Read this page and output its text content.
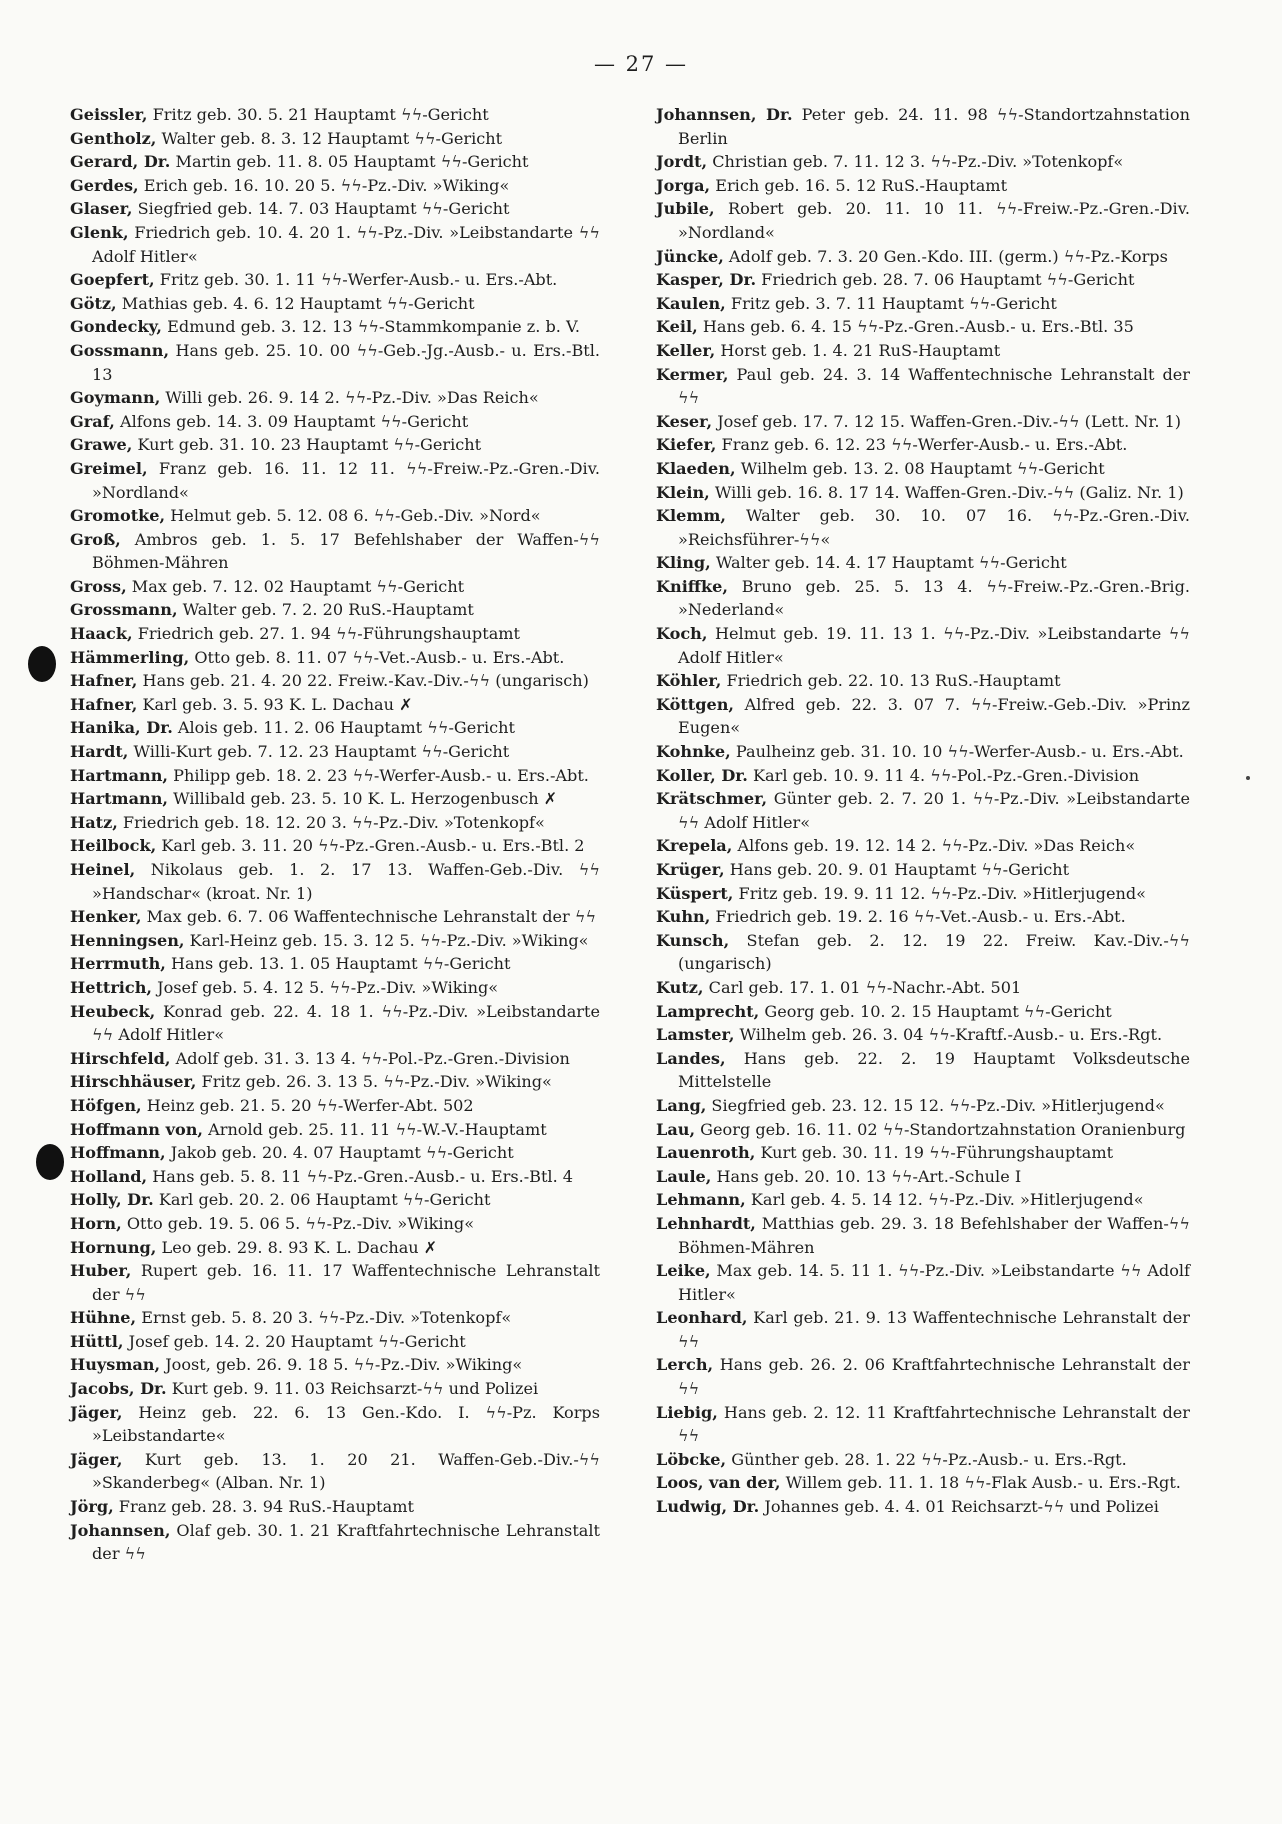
— 27 —
Geissler, Fritz geb. 30. 5. 21 Hauptamt ϟϟ-Gericht
Gentholz, Walter geb. 8. 3. 12 Hauptamt ϟϟ-Gericht
Gerard, Dr. Martin geb. 11. 8. 05 Hauptamt ϟϟ-Gericht
Gerdes, Erich geb. 16. 10. 20 5. ϟϟ-Pz.-Div. »Wiking«
Glaser, Siegfried geb. 14. 7. 03 Hauptamt ϟϟ-Gericht
Glenk, Friedrich geb. 10. 4. 20 1. ϟϟ-Pz.-Div. »Leibstandarte ϟϟ Adolf Hitler«
Goepfert, Fritz geb. 30. 1. 11 ϟϟ-Werfer-Ausb.- u. Ers.-Abt.
Götz, Mathias geb. 4. 6. 12 Hauptamt ϟϟ-Gericht
Gondecky, Edmund geb. 3. 12. 13 ϟϟ-Stammkompanie z. b. V.
Gossmann, Hans geb. 25. 10. 00 ϟϟ-Geb.-Jg.-Ausb.- u. Ers.-Btl. 13
Goymann, Willi geb. 26. 9. 14 2. ϟϟ-Pz.-Div. »Das Reich«
Graf, Alfons geb. 14. 3. 09 Hauptamt ϟϟ-Gericht
Grawe, Kurt geb. 31. 10. 23 Hauptamt ϟϟ-Gericht
Greimel, Franz geb. 16. 11. 12 11. ϟϟ-Freiw.-Pz.-Gren.-Div. »Nordland«
Gromotke, Helmut geb. 5. 12. 08 6. ϟϟ-Geb.-Div. »Nord«
Groß, Ambros geb. 1. 5. 17 Befehlshaber der Waffen-ϟϟ Böhmen-Mähren
Gross, Max geb. 7. 12. 02 Hauptamt ϟϟ-Gericht
Grossmann, Walter geb. 7. 2. 20 RuS.-Hauptamt
Haack, Friedrich geb. 27. 1. 94 ϟϟ-Führungshauptamt
Hämmerling, Otto geb. 8. 11. 07 ϟϟ-Vet.-Ausb.- u. Ers.-Abt.
Hafner, Hans geb. 21. 4. 20 22. Freiw.-Kav.-Div.-ϟϟ (ungarisch)
Hafner, Karl geb. 3. 5. 93 K. L. Dachau ✗
Hanika, Dr. Alois geb. 11. 2. 06 Hauptamt ϟϟ-Gericht
Hardt, Willi-Kurt geb. 7. 12. 23 Hauptamt ϟϟ-Gericht
Hartmann, Philipp geb. 18. 2. 23 ϟϟ-Werfer-Ausb.- u. Ers.-Abt.
Hartmann, Willibald geb. 23. 5. 10 K. L. Herzogenbusch ✗
Hatz, Friedrich geb. 18. 12. 20 3. ϟϟ-Pz.-Div. »Totenkopf«
Heilbock, Karl geb. 3. 11. 20 ϟϟ-Pz.-Gren.-Ausb.- u. Ers.-Btl. 2
Heinel, Nikolaus geb. 1. 2. 17 13. Waffen-Geb.-Div. ϟϟ »Handschar« (kroat. Nr. 1)
Henker, Max geb. 6. 7. 06 Waffentechnische Lehranstalt der ϟϟ
Henningsen, Karl-Heinz geb. 15. 3. 12 5. ϟϟ-Pz.-Div. »Wiking«
Herrmuth, Hans geb. 13. 1. 05 Hauptamt ϟϟ-Gericht
Hettrich, Josef geb. 5. 4. 12 5. ϟϟ-Pz.-Div. »Wiking«
Heubeck, Konrad geb. 22. 4. 18 1. ϟϟ-Pz.-Div. »Leibstandarte ϟϟ Adolf Hitler«
Hirschfeld, Adolf geb. 31. 3. 13 4. ϟϟ-Pol.-Pz.-Gren.-Division
Hirschhäuser, Fritz geb. 26. 3. 13 5. ϟϟ-Pz.-Div. »Wiking«
Höfgen, Heinz geb. 21. 5. 20 ϟϟ-Werfer-Abt. 502
Hoffmann von, Arnold geb. 25. 11. 11 ϟϟ-W.-V.-Hauptamt
Hoffmann, Jakob geb. 20. 4. 07 Hauptamt ϟϟ-Gericht
Holland, Hans geb. 5. 8. 11 ϟϟ-Pz.-Gren.-Ausb.- u. Ers.-Btl. 4
Holly, Dr. Karl geb. 20. 2. 06 Hauptamt ϟϟ-Gericht
Horn, Otto geb. 19. 5. 06 5. ϟϟ-Pz.-Div. »Wiking«
Hornung, Leo geb. 29. 8. 93 K. L. Dachau ✗
Huber, Rupert geb. 16. 11. 17 Waffentechnische Lehranstalt der ϟϟ
Hühne, Ernst geb. 5. 8. 20 3. ϟϟ-Pz.-Div. »Totenkopf«
Hüttl, Josef geb. 14. 2. 20 Hauptamt ϟϟ-Gericht
Huysman, Joost, geb. 26. 9. 18 5. ϟϟ-Pz.-Div. »Wiking«
Jacobs, Dr. Kurt geb. 9. 11. 03 Reichsarzt-ϟϟ und Polizei
Jäger, Heinz geb. 22. 6. 13 Gen.-Kdo. I. ϟϟ-Pz. Korps »Leibstandarte«
Jäger, Kurt geb. 13. 1. 20 21. Waffen-Geb.-Div.-ϟϟ »Skanderbeg« (Alban. Nr. 1)
Jörg, Franz geb. 28. 3. 94 RuS.-Hauptamt
Johannsen, Olaf geb. 30. 1. 21 Kraftfahrtechnische Lehranstalt der ϟϟ
Johannsen, Dr. Peter geb. 24. 11. 98 ϟϟ-Standortzahnstation Berlin
Jordt, Christian geb. 7. 11. 12 3. ϟϟ-Pz.-Div. »Totenkopf«
Jorga, Erich geb. 16. 5. 12 RuS.-Hauptamt
Jubile, Robert geb. 20. 11. 10 11. ϟϟ-Freiw.-Pz.-Gren.-Div. »Nordland«
Jüncke, Adolf geb. 7. 3. 20 Gen.-Kdo. III. (germ.) ϟϟ-Pz.-Korps
Kasper, Dr. Friedrich geb. 28. 7. 06 Hauptamt ϟϟ-Gericht
Kaulen, Fritz geb. 3. 7. 11 Hauptamt ϟϟ-Gericht
Keil, Hans geb. 6. 4. 15 ϟϟ-Pz.-Gren.-Ausb.- u. Ers.-Btl. 35
Keller, Horst geb. 1. 4. 21 RuS-Hauptamt
Kermer, Paul geb. 24. 3. 14 Waffentechnische Lehranstalt der ϟϟ
Keser, Josef geb. 17. 7. 12 15. Waffen-Gren.-Div.-ϟϟ (Lett. Nr. 1)
Kiefer, Franz geb. 6. 12. 23 ϟϟ-Werfer-Ausb.- u. Ers.-Abt.
Klaeden, Wilhelm geb. 13. 2. 08 Hauptamt ϟϟ-Gericht
Klein, Willi geb. 16. 8. 17 14. Waffen-Gren.-Div.-ϟϟ (Galiz. Nr. 1)
Klemm, Walter geb. 30. 10. 07 16. ϟϟ-Pz.-Gren.-Div. »Reichsführer-ϟϟ«
Kling, Walter geb. 14. 4. 17 Hauptamt ϟϟ-Gericht
Kniffke, Bruno geb. 25. 5. 13 4. ϟϟ-Freiw.-Pz.-Gren.-Brig. »Nederland«
Koch, Helmut geb. 19. 11. 13 1. ϟϟ-Pz.-Div. »Leibstandarte ϟϟ Adolf Hitler«
Köhler, Friedrich geb. 22. 10. 13 RuS.-Hauptamt
Köttgen, Alfred geb. 22. 3. 07 7. ϟϟ-Freiw.-Geb.-Div. »Prinz Eugen«
Kohnke, Paulheinz geb. 31. 10. 10 ϟϟ-Werfer-Ausb.- u. Ers.-Abt.
Koller, Dr. Karl geb. 10. 9. 11 4. ϟϟ-Pol.-Pz.-Gren.-Division
Krätschmer, Günter geb. 2. 7. 20 1. ϟϟ-Pz.-Div. »Leibstandarte ϟϟ Adolf Hitler«
Krepela, Alfons geb. 19. 12. 14 2. ϟϟ-Pz.-Div. »Das Reich«
Krüger, Hans geb. 20. 9. 01 Hauptamt ϟϟ-Gericht
Küspert, Fritz geb. 19. 9. 11 12. ϟϟ-Pz.-Div. »Hitlerjugend«
Kuhn, Friedrich geb. 19. 2. 16 ϟϟ-Vet.-Ausb.- u. Ers.-Abt.
Kunsch, Stefan geb. 2. 12. 19 22. Freiw. Kav.-Div.-ϟϟ (ungarisch)
Kutz, Carl geb. 17. 1. 01 ϟϟ-Nachr.-Abt. 501
Lamprecht, Georg geb. 10. 2. 15 Hauptamt ϟϟ-Gericht
Lamster, Wilhelm geb. 26. 3. 04 ϟϟ-Kraftf.-Ausb.- u. Ers.-Rgt.
Landes, Hans geb. 22. 2. 19 Hauptamt Volksdeutsche Mittelstelle
Lang, Siegfried geb. 23. 12. 15 12. ϟϟ-Pz.-Div. »Hitlerjugend«
Lau, Georg geb. 16. 11. 02 ϟϟ-Standortzahnstation Oranienburg
Lauenroth, Kurt geb. 30. 11. 19 ϟϟ-Führungshauptamt
Laule, Hans geb. 20. 10. 13 ϟϟ-Art.-Schule I
Lehmann, Karl geb. 4. 5. 14 12. ϟϟ-Pz.-Div. »Hitlerjugend«
Lehnhardt, Matthias geb. 29. 3. 18 Befehlshaber der Waffen-ϟϟ Böhmen-Mähren
Leike, Max geb. 14. 5. 11 1. ϟϟ-Pz.-Div. »Leibstandarte ϟϟ Adolf Hitler«
Leonhard, Karl geb. 21. 9. 13 Waffentechnische Lehranstalt der ϟϟ
Lerch, Hans geb. 26. 2. 06 Kraftfahrtechnische Lehranstalt der ϟϟ
Liebig, Hans geb. 2. 12. 11 Kraftfahrtechnische Lehranstalt der ϟϟ
Löbcke, Günther geb. 28. 1. 22 ϟϟ-Pz.-Ausb.- u. Ers.-Rgt.
Loos, van der, Willem geb. 11. 1. 18 ϟϟ-Flak Ausb.- u. Ers.-Rgt.
Ludwig, Dr. Johannes geb. 4. 4. 01 Reichsarzt-ϟϟ und Polizei
